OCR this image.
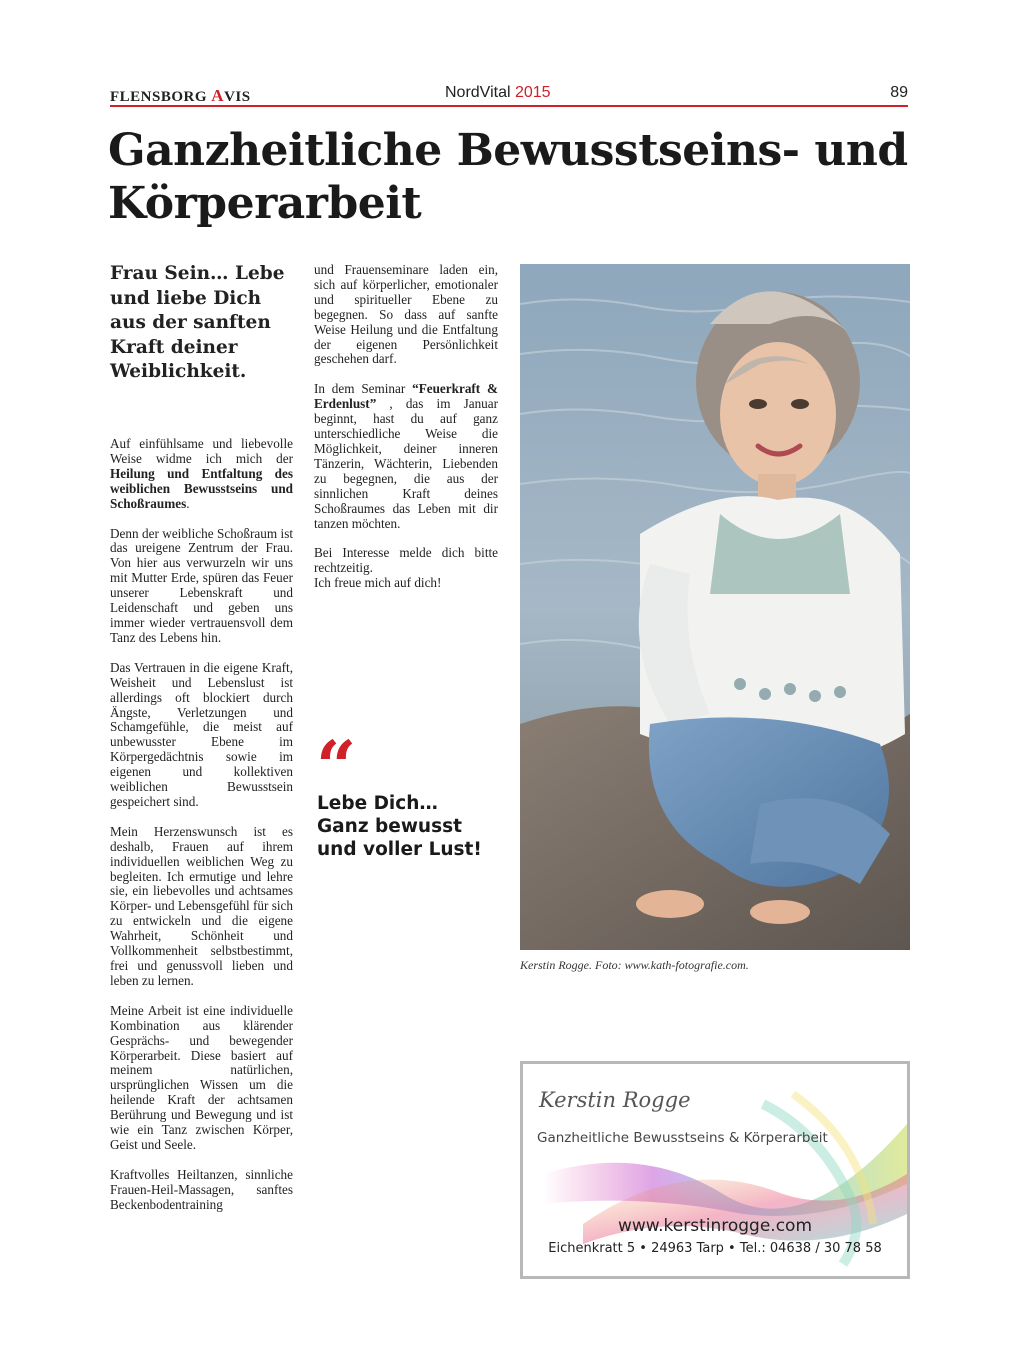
FLENSBORG AVIS	NordVital 2015	89
Ganzheitliche Bewusstseins- und Körperarbeit
Frau Sein… Lebe und liebe Dich aus der sanften Kraft deiner Weiblichkeit.

Auf einfühlsame und liebevolle Weise widme ich mich der Heilung und Entfaltung des weiblichen Bewusstseins und Schoßraumes.

Denn der weibliche Schoßraum ist das ureigene Zentrum der Frau. Von hier aus verwurzeln wir uns mit Mutter Erde, spüren das Feuer unserer Lebenskraft und Leidenschaft und geben uns immer wieder vertrauensvoll dem Tanz des Lebens hin.

Das Vertrauen in die eigene Kraft, Weisheit und Lebenslust ist allerdings oft blockiert durch Ängste, Verletzungen und Schamgefühle, die meist auf unbewusster Ebene im Körpergedächtnis sowie im eigenen und kollektiven weiblichen Bewusstsein gespeichert sind.

Mein Herzenswunsch ist es deshalb, Frauen auf ihrem individuellen weiblichen Weg zu begleiten. Ich ermutige und lehre sie, ein liebevolles und achtsames Körper- und Lebensgefühl für sich zu entwickeln und die eigene Wahrheit, Schönheit und Vollkommenheit selbstbestimmt, frei und genussvoll lieben und leben zu lernen.

Meine Arbeit ist eine individuelle Kombination aus klärender Gesprächs- und bewegender Körperarbeit. Diese basiert auf meinem natürlichen, ursprünglichen Wissen um die heilende Kraft der achtsamen Berührung und Bewegung und ist wie ein Tanz zwischen Körper, Geist und Seele.

Kraftvolles Heiltanzen, sinnliche Frauen-Heil-Massagen, sanftes Beckenbodentraining

und Frauenseminare laden ein, sich auf körperlicher, emotionaler und spiritueller Ebene zu begegnen. So dass auf sanfte Weise Heilung und die Entfaltung der eigenen Persönlichkeit geschehen darf.

In dem Seminar “Feuerkraft & Erdenlust” , das im Januar beginnt, hast du auf ganz unterschiedliche Weise die Möglichkeit, deiner inneren Tänzerin, Wächterin, Liebenden zu begegnen, die aus der sinnlichen Kraft deines Schoßraumes das Leben mit dir tanzen möchten.

Bei Interesse melde dich bitte rechtzeitig.
Ich freue mich auf dich!

“
Lebe Dich…
Ganz bewusst
und voller Lust!
Kerstin Rogge. Foto: www.kath-fotografie.com.
Kerstin Rogge
Ganzheitliche Bewusstseins & Körperarbeit
www.kerstinrogge.com
Eichenkratt 5 • 24963 Tarp • Tel.: 04638 / 30 78 58
